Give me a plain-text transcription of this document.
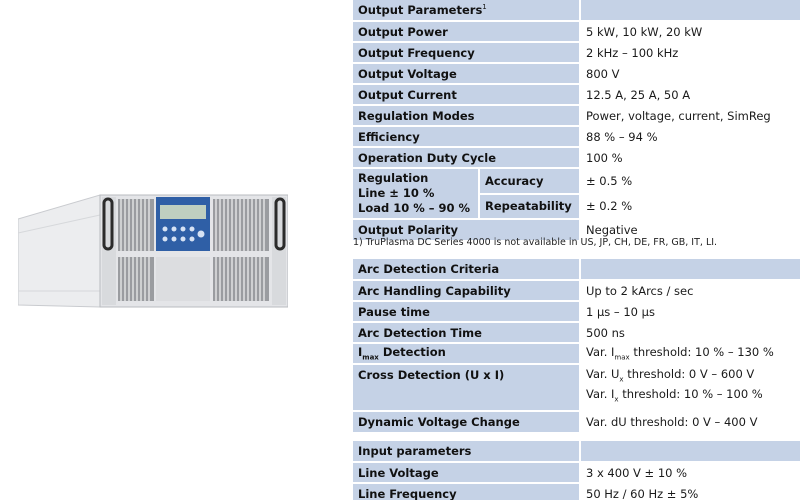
Output Parameters$^1$	
Output Power		5 kW, 10 kW, 20 kW
Output Frequency		2 kHz – 100 kHz
Output Voltage		800 V
Output Current		12.5 A, 25 A, 50 A
Regulation Modes		Power, voltage, current, SimReg
Efficiency		88 % – 94 %
Operation Duty Cycle		100 %

Regulation
Line ± 10 %
Load 10 % – 90 %	Accuracy	± 0.5 %
	Repeatability	± 0.2 %
Output Polarity		Negative
1) TruPlasma DC Series 4000 is not available in US, JP, CH, DE, FR, GB, IT, LI.
Arc Detection Criteria	
Arc Handling Capability	Up to 2 kArcs / sec
Pause time	1 µs – 10 µs
Arc Detection Time	500 ns
$I_{max}$ Detection	Var. $I_{max}$ threshold: 10 % – 130 %
Cross Detection (U x I)	Var. $U_x$ threshold: 0 V – 600 V
Var. $I_x$ threshold: 10 % – 100 %

Dynamic Voltage Change	Var. dU threshold: 0 V – 400 V
Input parameters	
Line Voltage	3 x 400 V ± 10 %
Line Frequency	50 Hz / 60 Hz ± 5%
